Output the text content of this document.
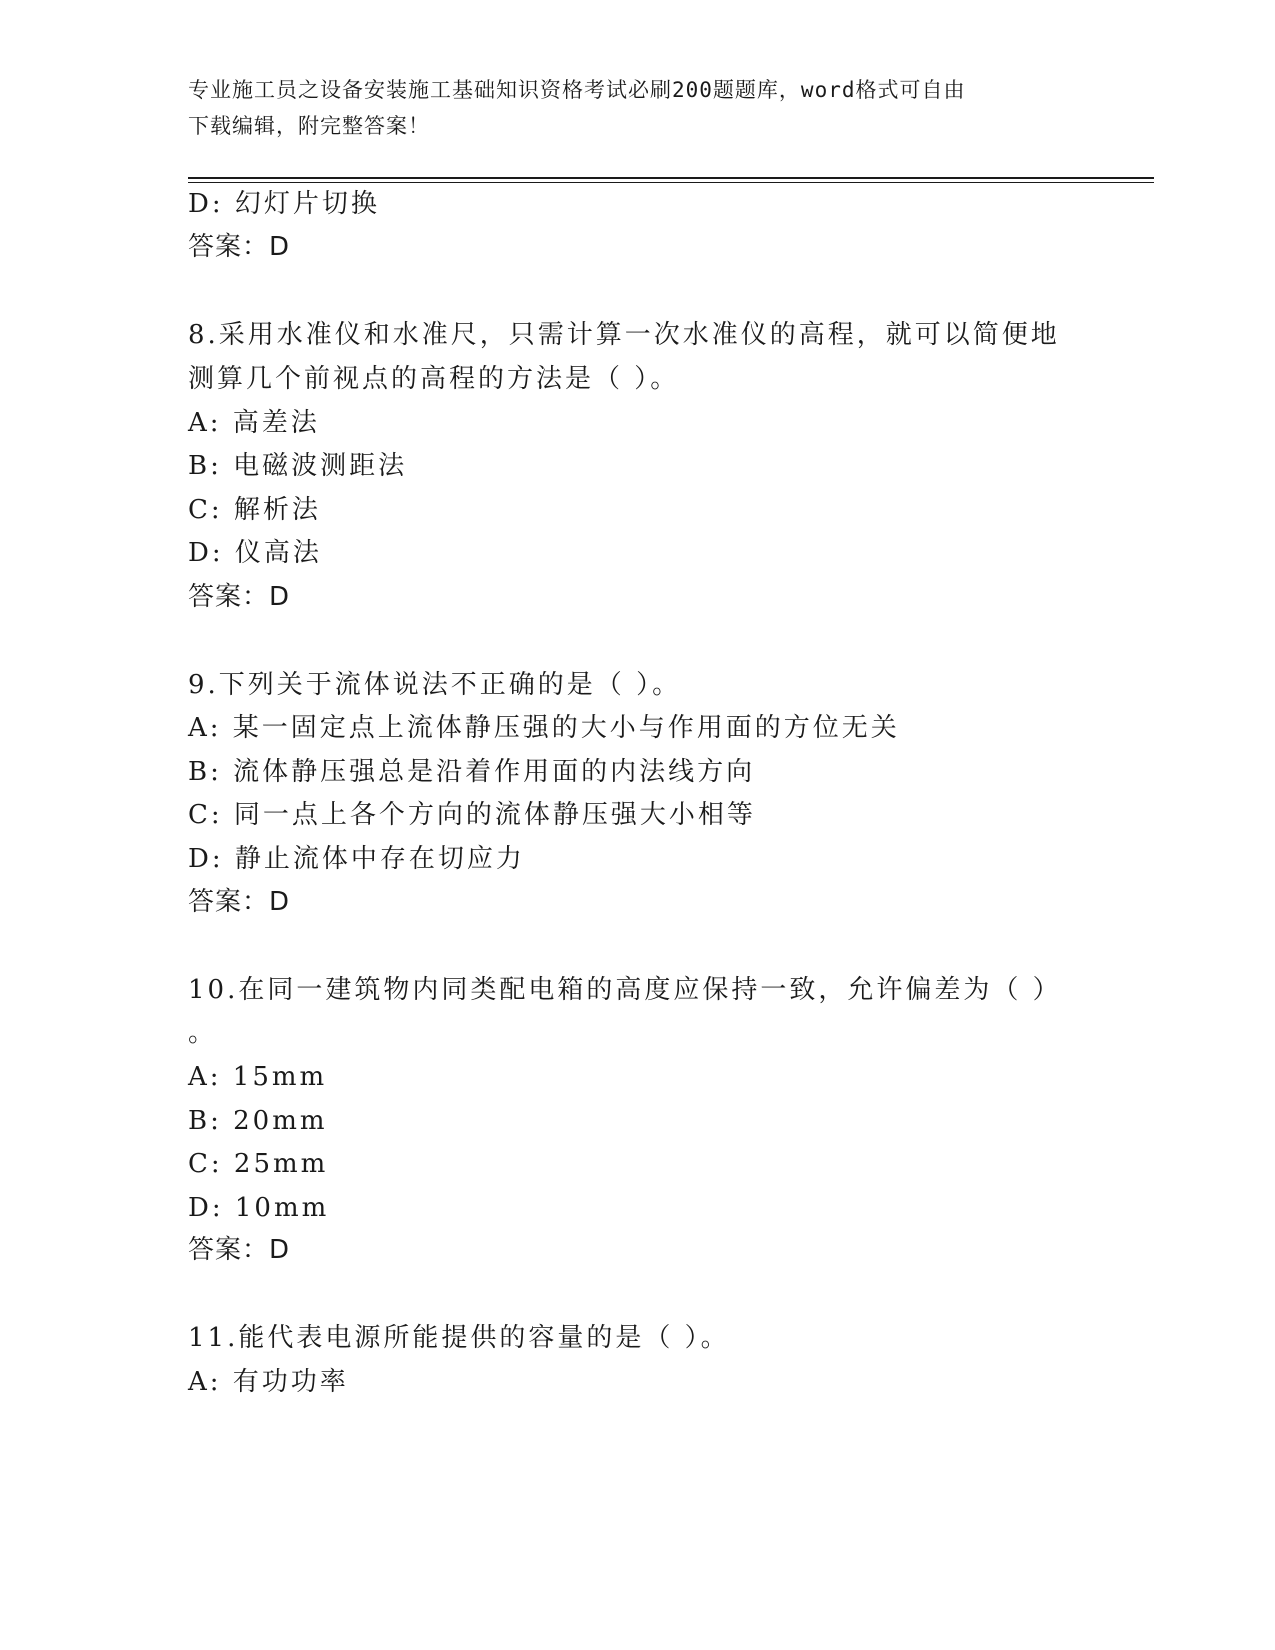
专业施工员之设备安装施工基础知识资格考试必刷200题题库，word格式可自由
下载编辑，附完整答案！
D: 幻灯片切换
答案：D
8.采用水准仪和水准尺，只需计算一次水准仪的高程，就可以简便地
测算几个前视点的高程的方法是（ ）。
A: 高差法
B: 电磁波测距法
C: 解析法
D: 仪高法
答案：D
9.下列关于流体说法不正确的是（ ）。
A: 某一固定点上流体静压强的大小与作用面的方位无关
B: 流体静压强总是沿着作用面的内法线方向
C: 同一点上各个方向的流体静压强大小相等
D: 静止流体中存在切应力
答案：D
10.在同一建筑物内同类配电箱的高度应保持一致，允许偏差为（ ）
。
A: 15mm
B: 20mm
C: 25mm
D: 10mm
答案：D
11.能代表电源所能提供的容量的是（ ）。
A: 有功功率
